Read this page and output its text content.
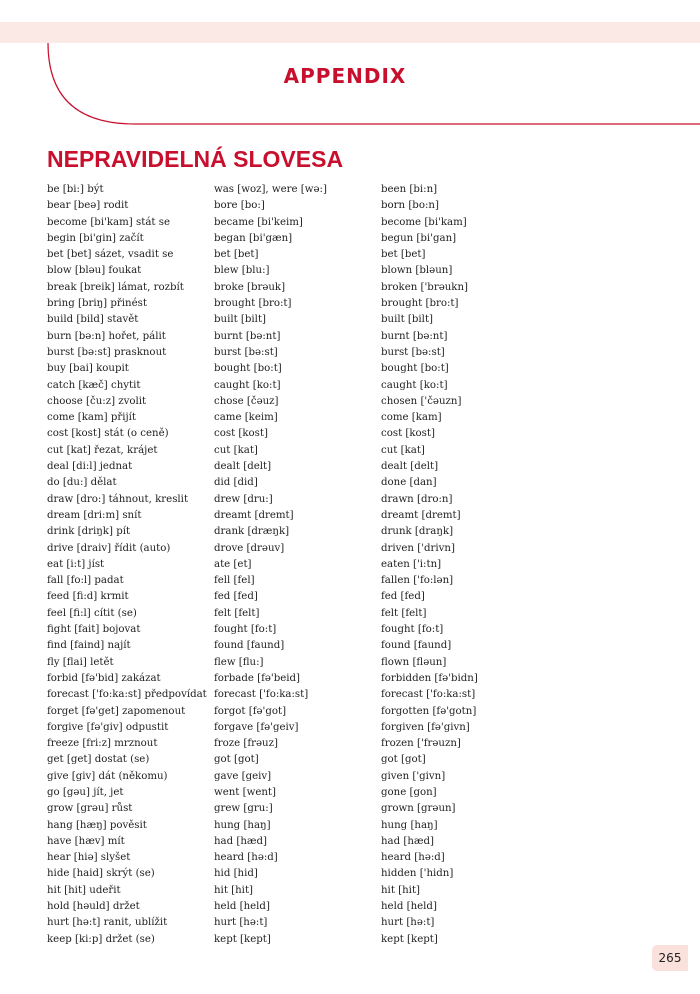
APPENDIX
NEPRAVIDELNÁ SLOVESA
be [bi:] být
bear [beə] rodit
become [bi'kam] stát se
begin [bi'gin] začít
bet [bet] sázet, vsadit se
blow [bləu] foukat
break [breik] lámat, rozbít
bring [briŋ] přinést
build [bild] stavět
burn [bə:n] hořet, pálit
burst [bə:st] prasknout
buy [bai] koupit
catch [kæč] chytit
choose [ču:z] zvolit
come [kam] přijít
cost [kost] stát (o ceně)
cut [kat] řezat, krájet
deal [di:l] jednat
do [du:] dělat
draw [dro:] táhnout, kreslit
dream [dri:m] snít
drink [driŋk] pít
drive [draiv] řídit (auto)
eat [i:t] jíst
fall [fo:l] padat
feed [fi:d] krmit
feel [fi:l] cítit (se)
fight [fait] bojovat
find [faind] najít
fly [flai] letět
forbid [fə'bid] zakázat
forecast ['fo:ka:st] předpovídat
forget [fə'get] zapomenout
forgive [fə'giv] odpustit
freeze [fri:z] mrznout
get [get] dostat (se)
give [giv] dát (někomu)
go [gəu] jít, jet
grow [grəu] růst
hang [hæŋ] pověsit
have [hæv] mít
hear [hiə] slyšet
hide [haid] skrýt (se)
hit [hit] udeřit
hold [həuld] držet
hurt [hə:t] ranit, ublížit
keep [ki:p] držet (se)
was [woz], were [wə:]
bore [bo:]
became [bi'keim]
began [bi'gæn]
bet [bet]
blew [blu:]
broke [brəuk]
brought [bro:t]
built [bilt]
burnt [bə:nt]
burst [bə:st]
bought [bo:t]
caught [ko:t]
chose [čəuz]
came [keim]
cost [kost]
cut [kat]
dealt [delt]
did [did]
drew [dru:]
dreamt [dremt]
drank [dræŋk]
drove [drəuv]
ate [et]
fell [fel]
fed [fed]
felt [felt]
fought [fo:t]
found [faund]
flew [flu:]
forbade [fə'beid]
forecast ['fo:ka:st]
forgot [fə'got]
forgave [fə'geiv]
froze [frəuz]
got [got]
gave [geiv]
went [went]
grew [gru:]
hung [haŋ]
had [hæd]
heard [hə:d]
hid [hid]
hit [hit]
held [held]
hurt [hə:t]
kept [kept]
been [bi:n]
born [bo:n]
become [bi'kam]
begun [bi'gan]
bet [bet]
blown [bləun]
broken ['brəukn]
brought [bro:t]
built [bilt]
burnt [bə:nt]
burst [bə:st]
bought [bo:t]
caught [ko:t]
chosen ['čəuzn]
come [kam]
cost [kost]
cut [kat]
dealt [delt]
done [dan]
drawn [dro:n]
dreamt [dremt]
drunk [draŋk]
driven ['drivn]
eaten ['i:tn]
fallen ['fo:lən]
fed [fed]
felt [felt]
fought [fo:t]
found [faund]
flown [fləun]
forbidden [fə'bidn]
forecast ['fo:ka:st]
forgotten [fə'gotn]
forgiven [fə'givn]
frozen ['frəuzn]
got [got]
given ['givn]
gone [gon]
grown [grəun]
hung [haŋ]
had [hæd]
heard [hə:d]
hidden ['hidn]
hit [hit]
held [held]
hurt [hə:t]
kept [kept]
265
